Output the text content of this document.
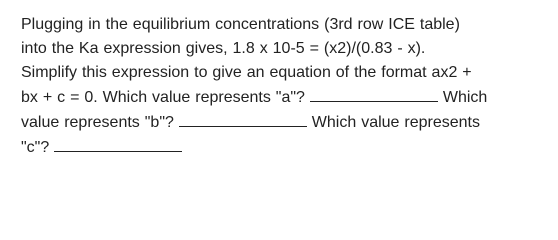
Plugging in the equilibrium concentrations (3rd row ICE table)
into the Ka expression gives, 1.8 x 10-5 = (x2)/(0.83 - x).
Simplify this expression to give an equation of the format ax2 +
bx + c = 0. Which value represents "a"?	Which
value represents "b"?	Which value represents
"c"?
